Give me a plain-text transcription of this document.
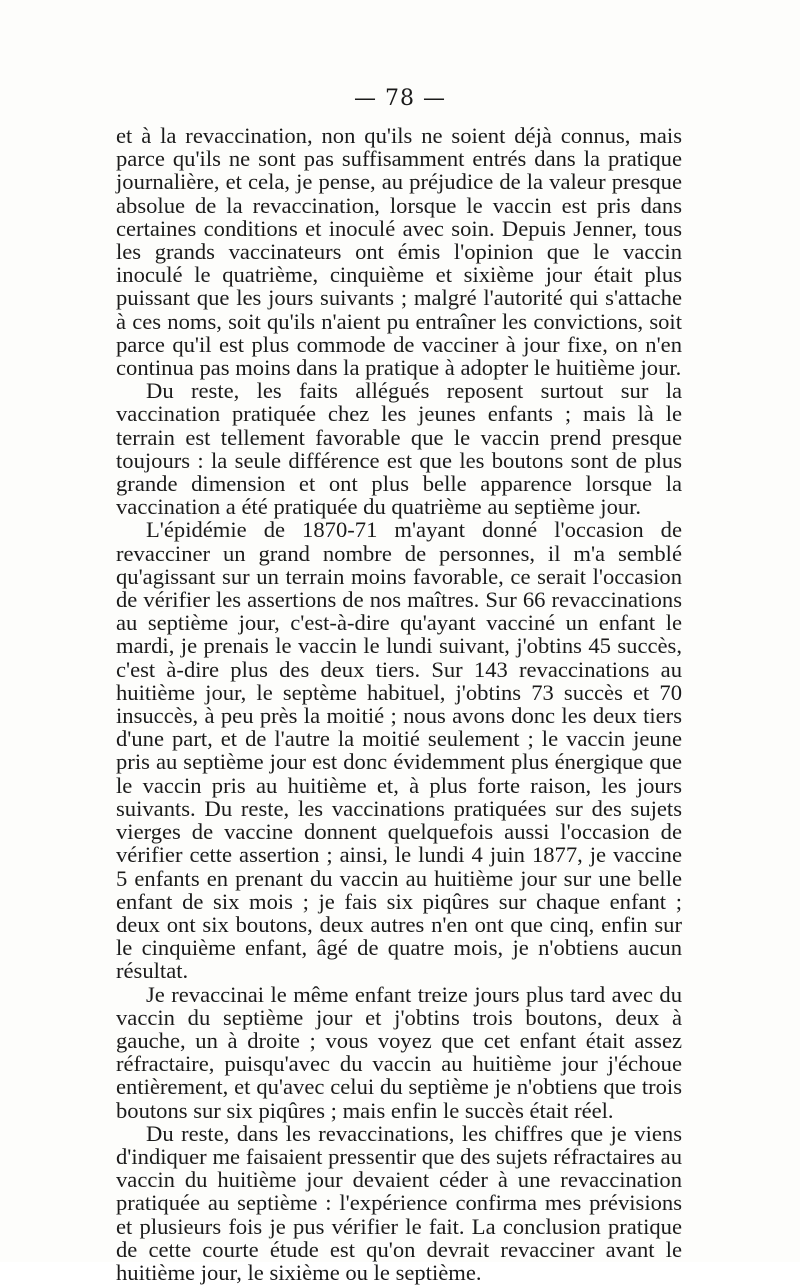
— 78 —

et à la revaccination, non qu'ils ne soient déjà connus, mais parce qu'ils ne sont pas suffisamment entrés dans la pratique journalière, et cela, je pense, au préjudice de la valeur presque absolue de la revaccination, lorsque le vaccin est pris dans certaines conditions et inoculé avec soin. Depuis Jenner, tous les grands vaccinateurs ont émis l'opinion que le vaccin inoculé le quatrième, cinquième et sixième jour était plus puissant que les jours suivants ; malgré l'autorité qui s'attache à ces noms, soit qu'ils n'aient pu entraîner les convictions, soit parce qu'il est plus commode de vacciner à jour fixe, on n'en continua pas moins dans la pratique à adopter le huitième jour.

Du reste, les faits allégués reposent surtout sur la vaccination pratiquée chez les jeunes enfants ; mais là le terrain est tellement favorable que le vaccin prend presque toujours : la seule différence est que les boutons sont de plus grande dimension et ont plus belle apparence lorsque la vaccination a été pratiquée du quatrième au septième jour.

L'épidémie de 1870-71 m'ayant donné l'occasion de revacciner un grand nombre de personnes, il m'a semblé qu'agissant sur un terrain moins favorable, ce serait l'occasion de vérifier les assertions de nos maîtres. Sur 66 revaccinations au septième jour, c'est-à-dire qu'ayant vacciné un enfant le mardi, je prenais le vaccin le lundi suivant, j'obtins 45 succès, c'est à-dire plus des deux tiers. Sur 143 revaccinations au huitième jour, le septème habituel, j'obtins 73 succès et 70 insuccès, à peu près la moitié ; nous avons donc les deux tiers d'une part, et de l'autre la moitié seulement ; le vaccin jeune pris au septième jour est donc évidemment plus énergique que le vaccin pris au huitième et, à plus forte raison, les jours suivants. Du reste, les vaccinations pratiquées sur des sujets vierges de vaccine donnent quelquefois aussi l'occasion de vérifier cette assertion ; ainsi, le lundi 4 juin 1877, je vaccine 5 enfants en prenant du vaccin au huitième jour sur une belle enfant de six mois ; je fais six piqûres sur chaque enfant ; deux ont six boutons, deux autres n'en ont que cinq, enfin sur le cinquième enfant, âgé de quatre mois, je n'obtiens aucun résultat.

Je revaccinai le même enfant treize jours plus tard avec du vaccin du septième jour et j'obtins trois boutons, deux à gauche, un à droite ; vous voyez que cet enfant était assez réfractaire, puisqu'avec du vaccin au huitième jour j'échoue entièrement, et qu'avec celui du septième je n'obtiens que trois boutons sur six piqûres ; mais enfin le succès était réel.

Du reste, dans les revaccinations, les chiffres que je viens d'indiquer me faisaient pressentir que des sujets réfractaires au vaccin du huitième jour devaient céder à une revaccination pratiquée au septième : l'expérience confirma mes prévisions et plusieurs fois je pus vérifier le fait. La conclusion pratique de cette courte étude est qu'on devrait revacciner avant le huitième jour, le sixième ou le septième.
